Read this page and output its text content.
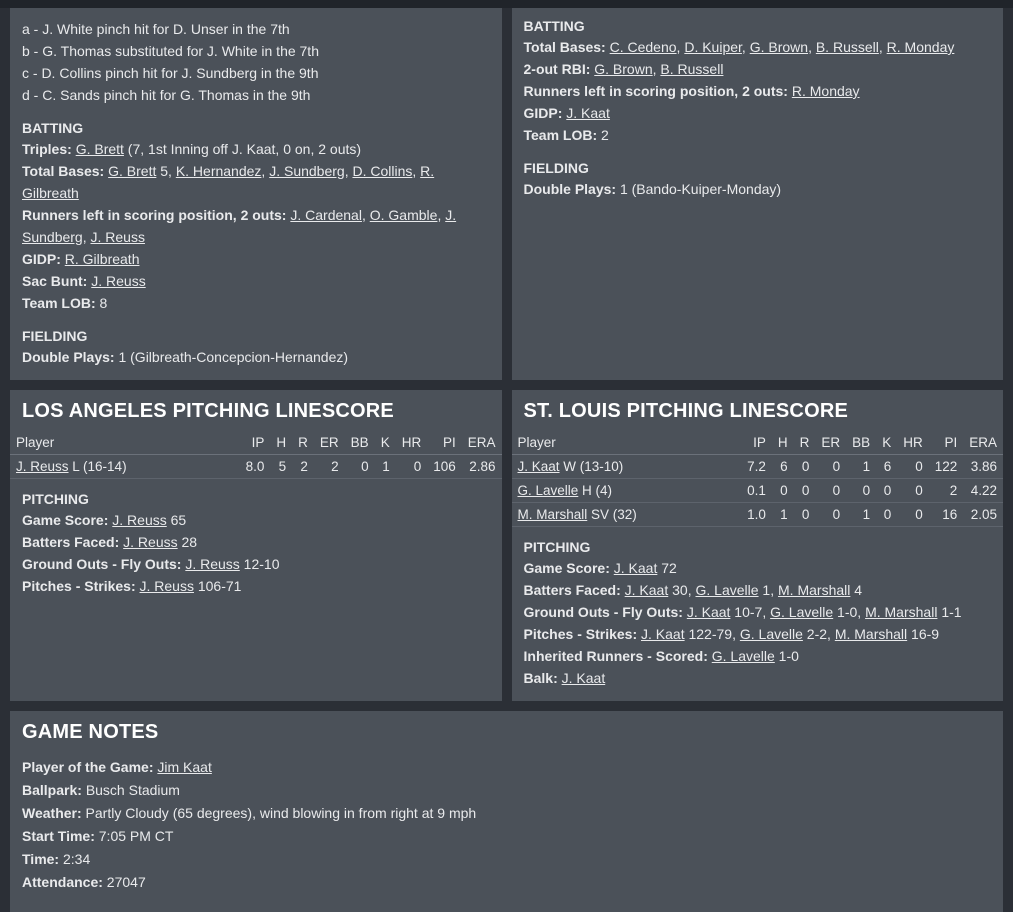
a - J. White pinch hit for D. Unser in the 7th
b - G. Thomas substituted for J. White in the 7th
c - D. Collins pinch hit for J. Sundberg in the 9th
d - C. Sands pinch hit for G. Thomas in the 9th
BATTING
Triples: G. Brett (7, 1st Inning off J. Kaat, 0 on, 2 outs)
Total Bases: G. Brett 5, K. Hernandez, J. Sundberg, D. Collins, R. Gilbreath
Runners left in scoring position, 2 outs: J. Cardenal, O. Gamble, J. Sundberg, J. Reuss
GIDP: R. Gilbreath
Sac Bunt: J. Reuss
Team LOB: 8
FIELDING
Double Plays: 1 (Gilbreath-Concepcion-Hernandez)
BATTING
Total Bases: C. Cedeno, D. Kuiper, G. Brown, B. Russell, R. Monday
2-out RBI: G. Brown, B. Russell
Runners left in scoring position, 2 outs: R. Monday
GIDP: J. Kaat
Team LOB: 2
FIELDING
Double Plays: 1 (Bando-Kuiper-Monday)
LOS ANGELES PITCHING LINESCORE
Player	IP	H	R	ER	BB	K	HR	PI	ERA
J. Reuss L (16-14)	8.0	5	2	2	0	1	0	106	2.86
PITCHING
Game Score: J. Reuss 65
Batters Faced: J. Reuss 28
Ground Outs - Fly Outs: J. Reuss 12-10
Pitches - Strikes: J. Reuss 106-71
ST. LOUIS PITCHING LINESCORE
Player	IP	H	R	ER	BB	K	HR	PI	ERA
J. Kaat W (13-10)	7.2	6	0	0	1	6	0	122	3.86
G. Lavelle H (4)	0.1	0	0	0	0	0	0	2	4.22
M. Marshall SV (32)	1.0	1	0	0	1	0	0	16	2.05
PITCHING
Game Score: J. Kaat 72
Batters Faced: J. Kaat 30, G. Lavelle 1, M. Marshall 4
Ground Outs - Fly Outs: J. Kaat 10-7, G. Lavelle 1-0, M. Marshall 1-1
Pitches - Strikes: J. Kaat 122-79, G. Lavelle 2-2, M. Marshall 16-9
Inherited Runners - Scored: G. Lavelle 1-0
Balk: J. Kaat
GAME NOTES
Player of the Game: Jim Kaat
Ballpark: Busch Stadium
Weather: Partly Cloudy (65 degrees), wind blowing in from right at 9 mph
Start Time: 7:05 PM CT
Time: 2:34
Attendance: 27047
